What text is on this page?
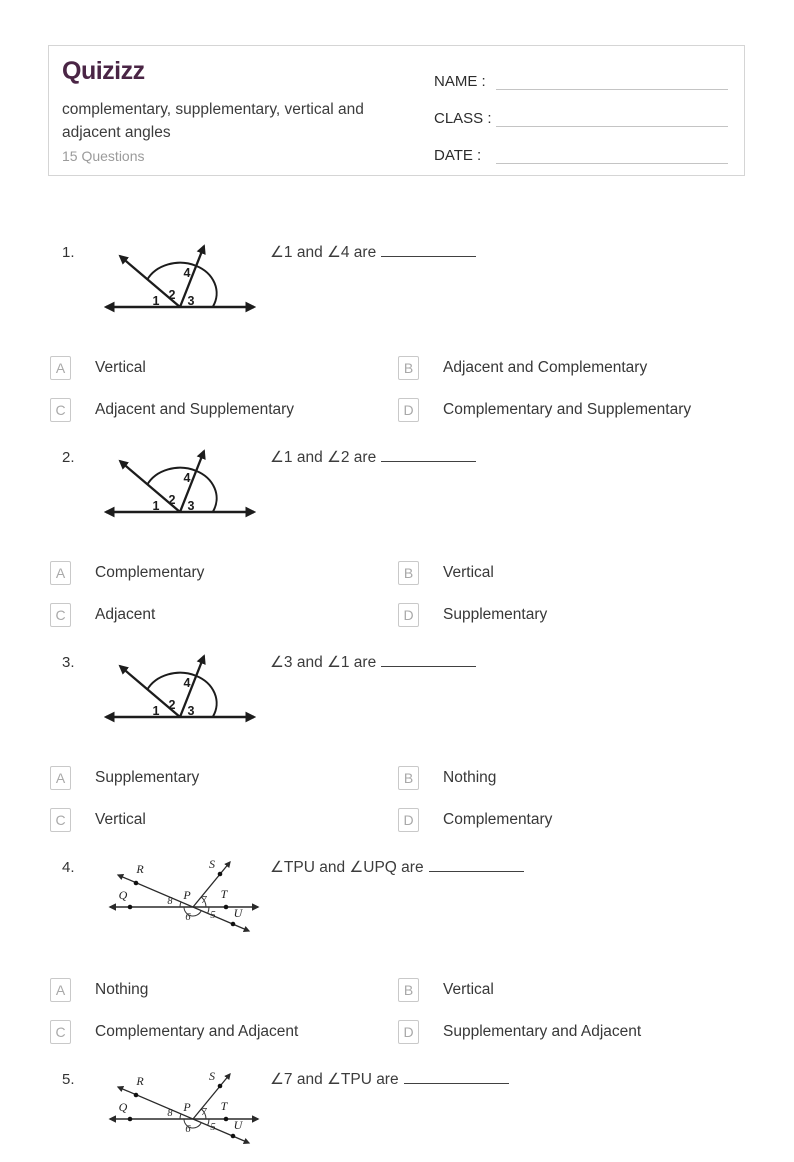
Quizizz
complementary, supplementary, vertical and adjacent angles
15 Questions
NAME :
CLASS :
DATE :
1.
1 2 3
4
∠1 and ∠4 are
A	Vertical	B	Adjacent and Complementary
C	Adjacent and Supplementary	D	Complementary and Supplementary
2.
1 2 3
4
∠1 and ∠2 are
A	Complementary	B	Vertical
C	Adjacent	D	Supplementary
3.
1 2 3
4
∠3 and ∠1 are
A	Supplementary	B	Nothing
C	Vertical	D	Complementary
4.	R
Q	P
S
T
U
8	7
6 5
∠TPU and ∠UPQ are
A	Nothing	B	Vertical
C	Complementary and Adjacent	D	Supplementary and Adjacent
5.	R
Q	P
S
T
U
8	7
6 5
∠7 and ∠TPU are
